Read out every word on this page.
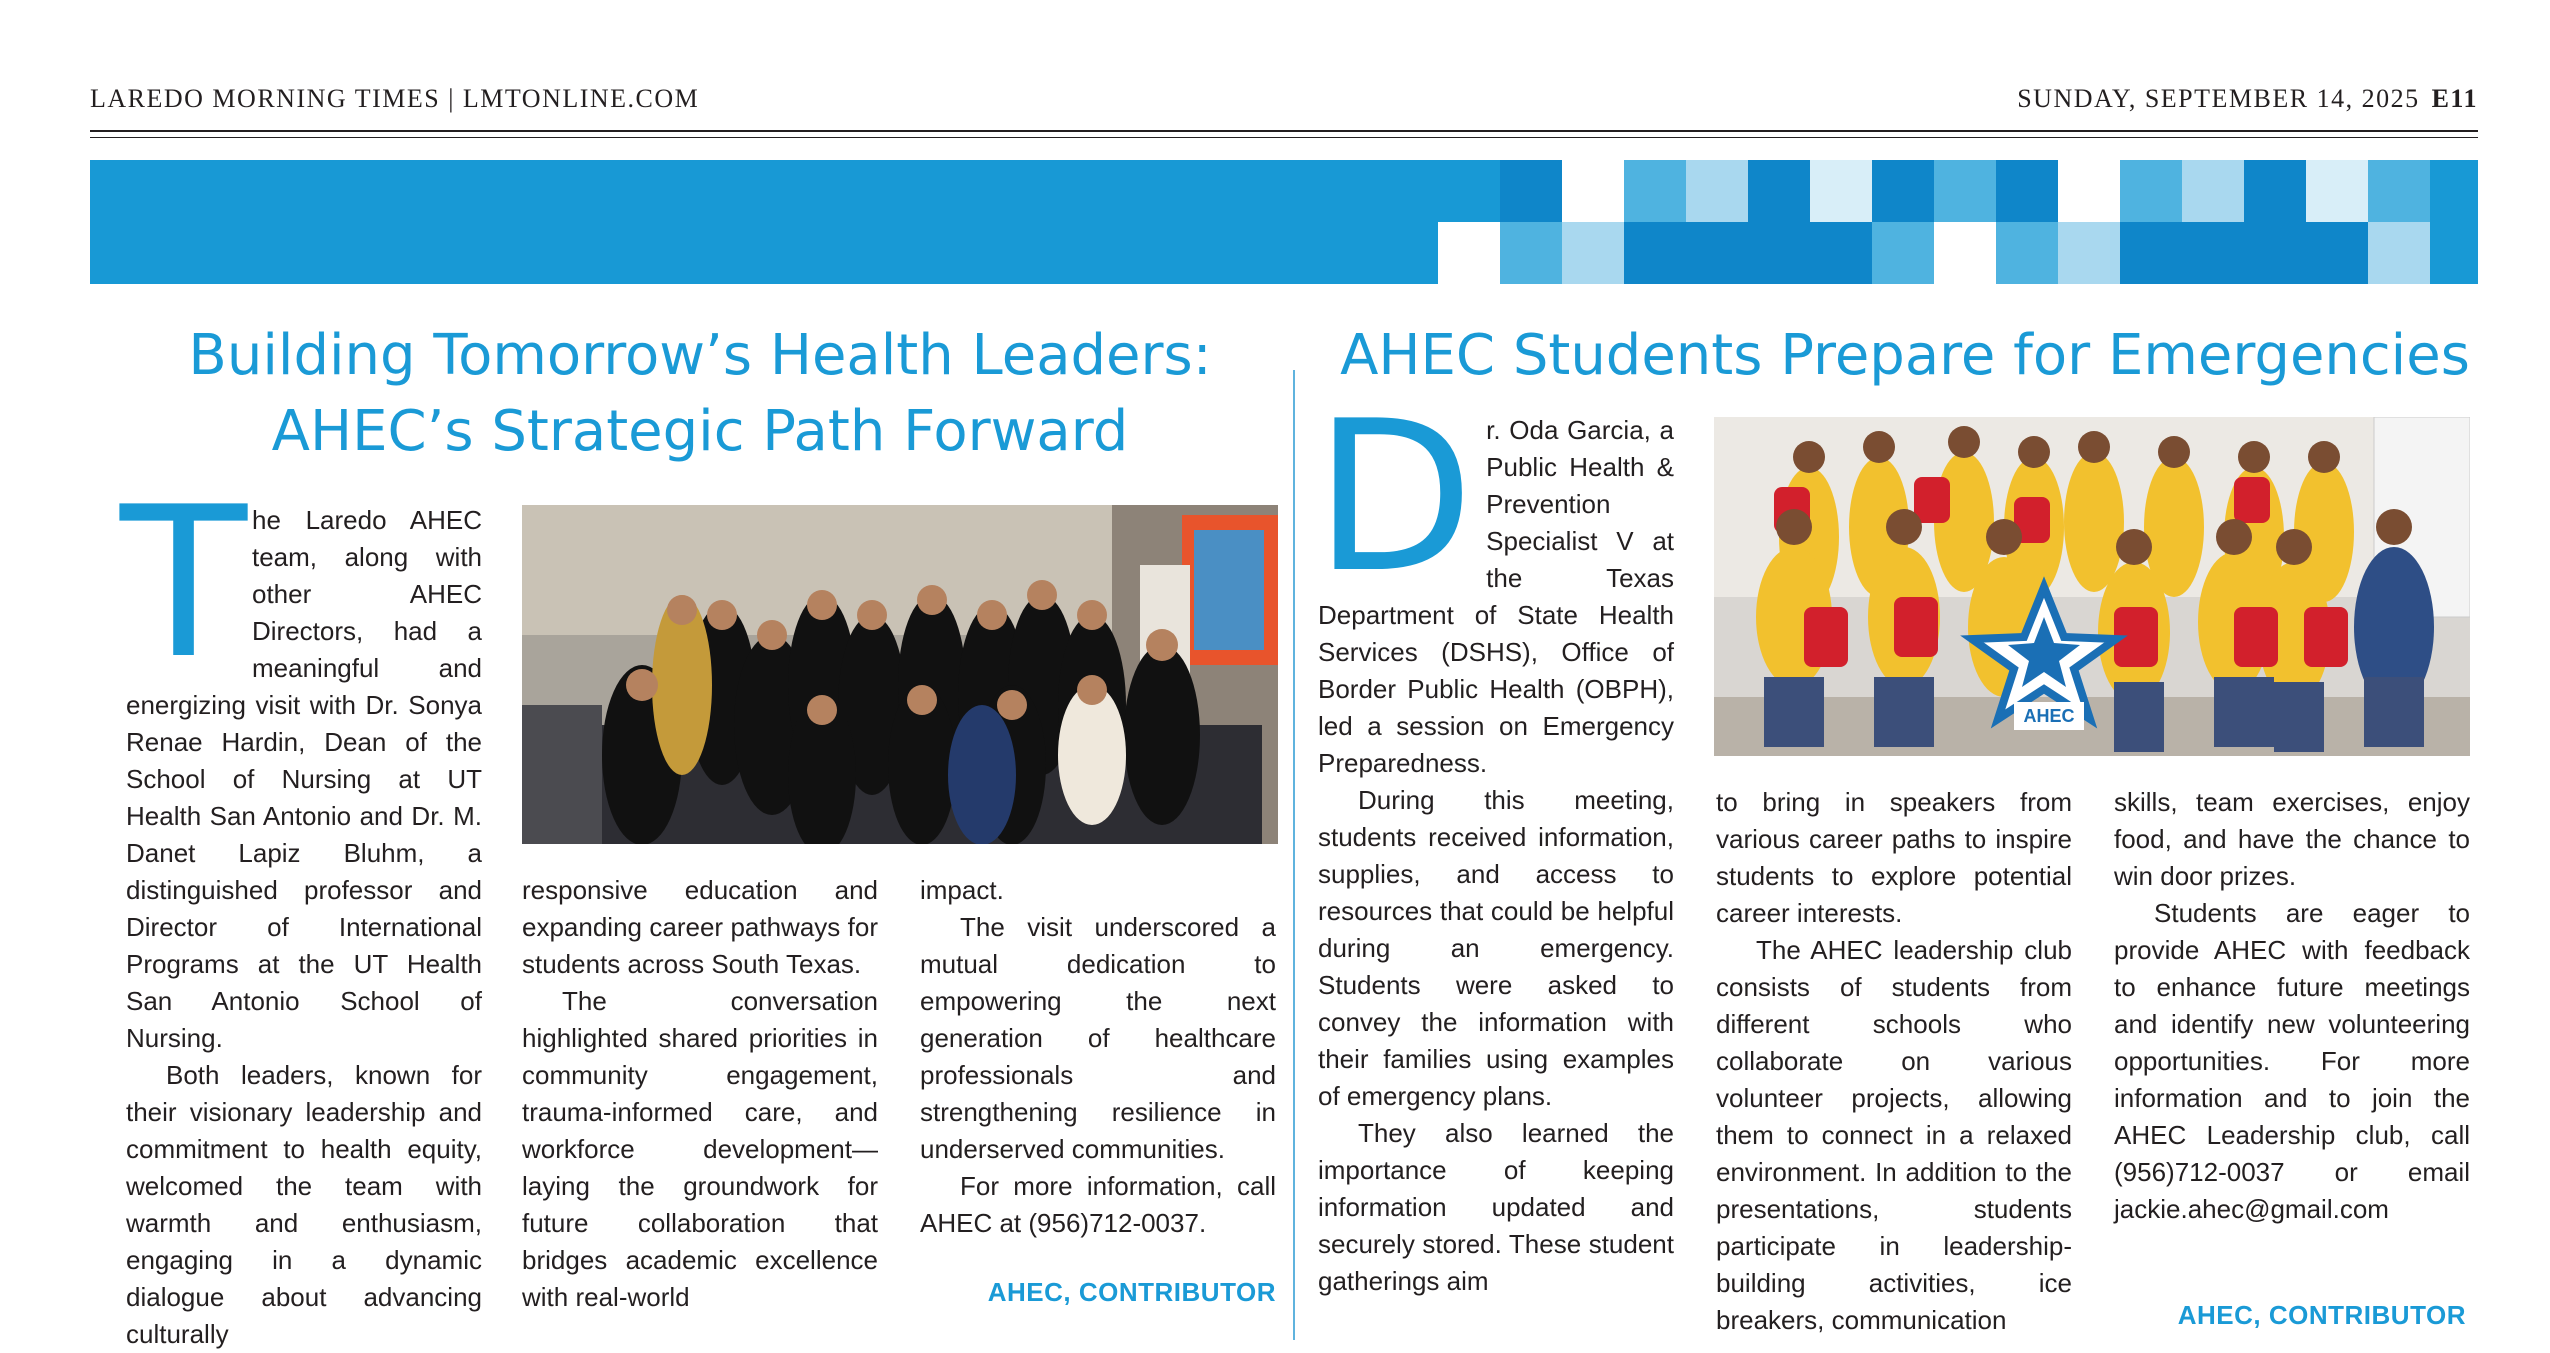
LAREDO MORNING TIMES | LMTONLINE.COM	SUNDAY, SEPTEMBER 14, 2025 E11
Building Tomorrow’s Health Leaders:
AHEC’s Strategic Path Forward

The Laredo AHEC team, along with other AHEC Directors, had a meaningful and energizing visit with Dr. Sonya Renae Hardin, Dean of the School of Nursing at UT Health San Antonio and Dr. M. Danet Lapiz Bluhm, a distinguished professor and Director of International Programs at the UT Health San Antonio School of Nursing.

Both leaders, known for their visionary leadership and commitment to health equity, welcomed the team with warmth and enthusiasm, engaging in a dynamic dialogue about advancing culturally

responsive education and expanding career pathways for students across South Texas.

The conversation highlighted shared priorities in community engagement, trauma-informed care, and workforce development—laying the groundwork for future collaboration that bridges academic excellence with real-world

impact.

The visit underscored a mutual dedication to empowering the next generation of healthcare professionals and strengthening resilience in underserved communities.

For more information, call AHEC at (956)712-0037.

AHEC, CONTRIBUTOR
AHEC Students Prepare for Emergencies

Dr. Oda Garcia, a Public Health & Prevention Specialist V at the Texas Department of State Health Services (DSHS), Office of Border Public Health (OBPH), led a session on Emergency Preparedness.

During this meeting, students received information, supplies, and access to resources that could be helpful during an emergency. Students were asked to convey the information with their families using examples of emergency plans.

They also learned the importance of keeping information updated and securely stored. These student gatherings aim

AHEC

to bring in speakers from various career paths to inspire students to explore potential career interests.

The AHEC leadership club consists of students from different schools who collaborate on various volunteer projects, allowing them to connect in a relaxed environment. In addition to the presentations, students participate in leadership-building activities, ice breakers, communication

skills, team exercises, enjoy food, and have the chance to win door prizes.

Students are eager to provide AHEC with feedback to enhance future meetings and identify new volunteering opportunities. For more information and to join the AHEC Leadership club, call (956)712-0037 or email jackie.ahec@gmail.com

AHEC, CONTRIBUTOR
